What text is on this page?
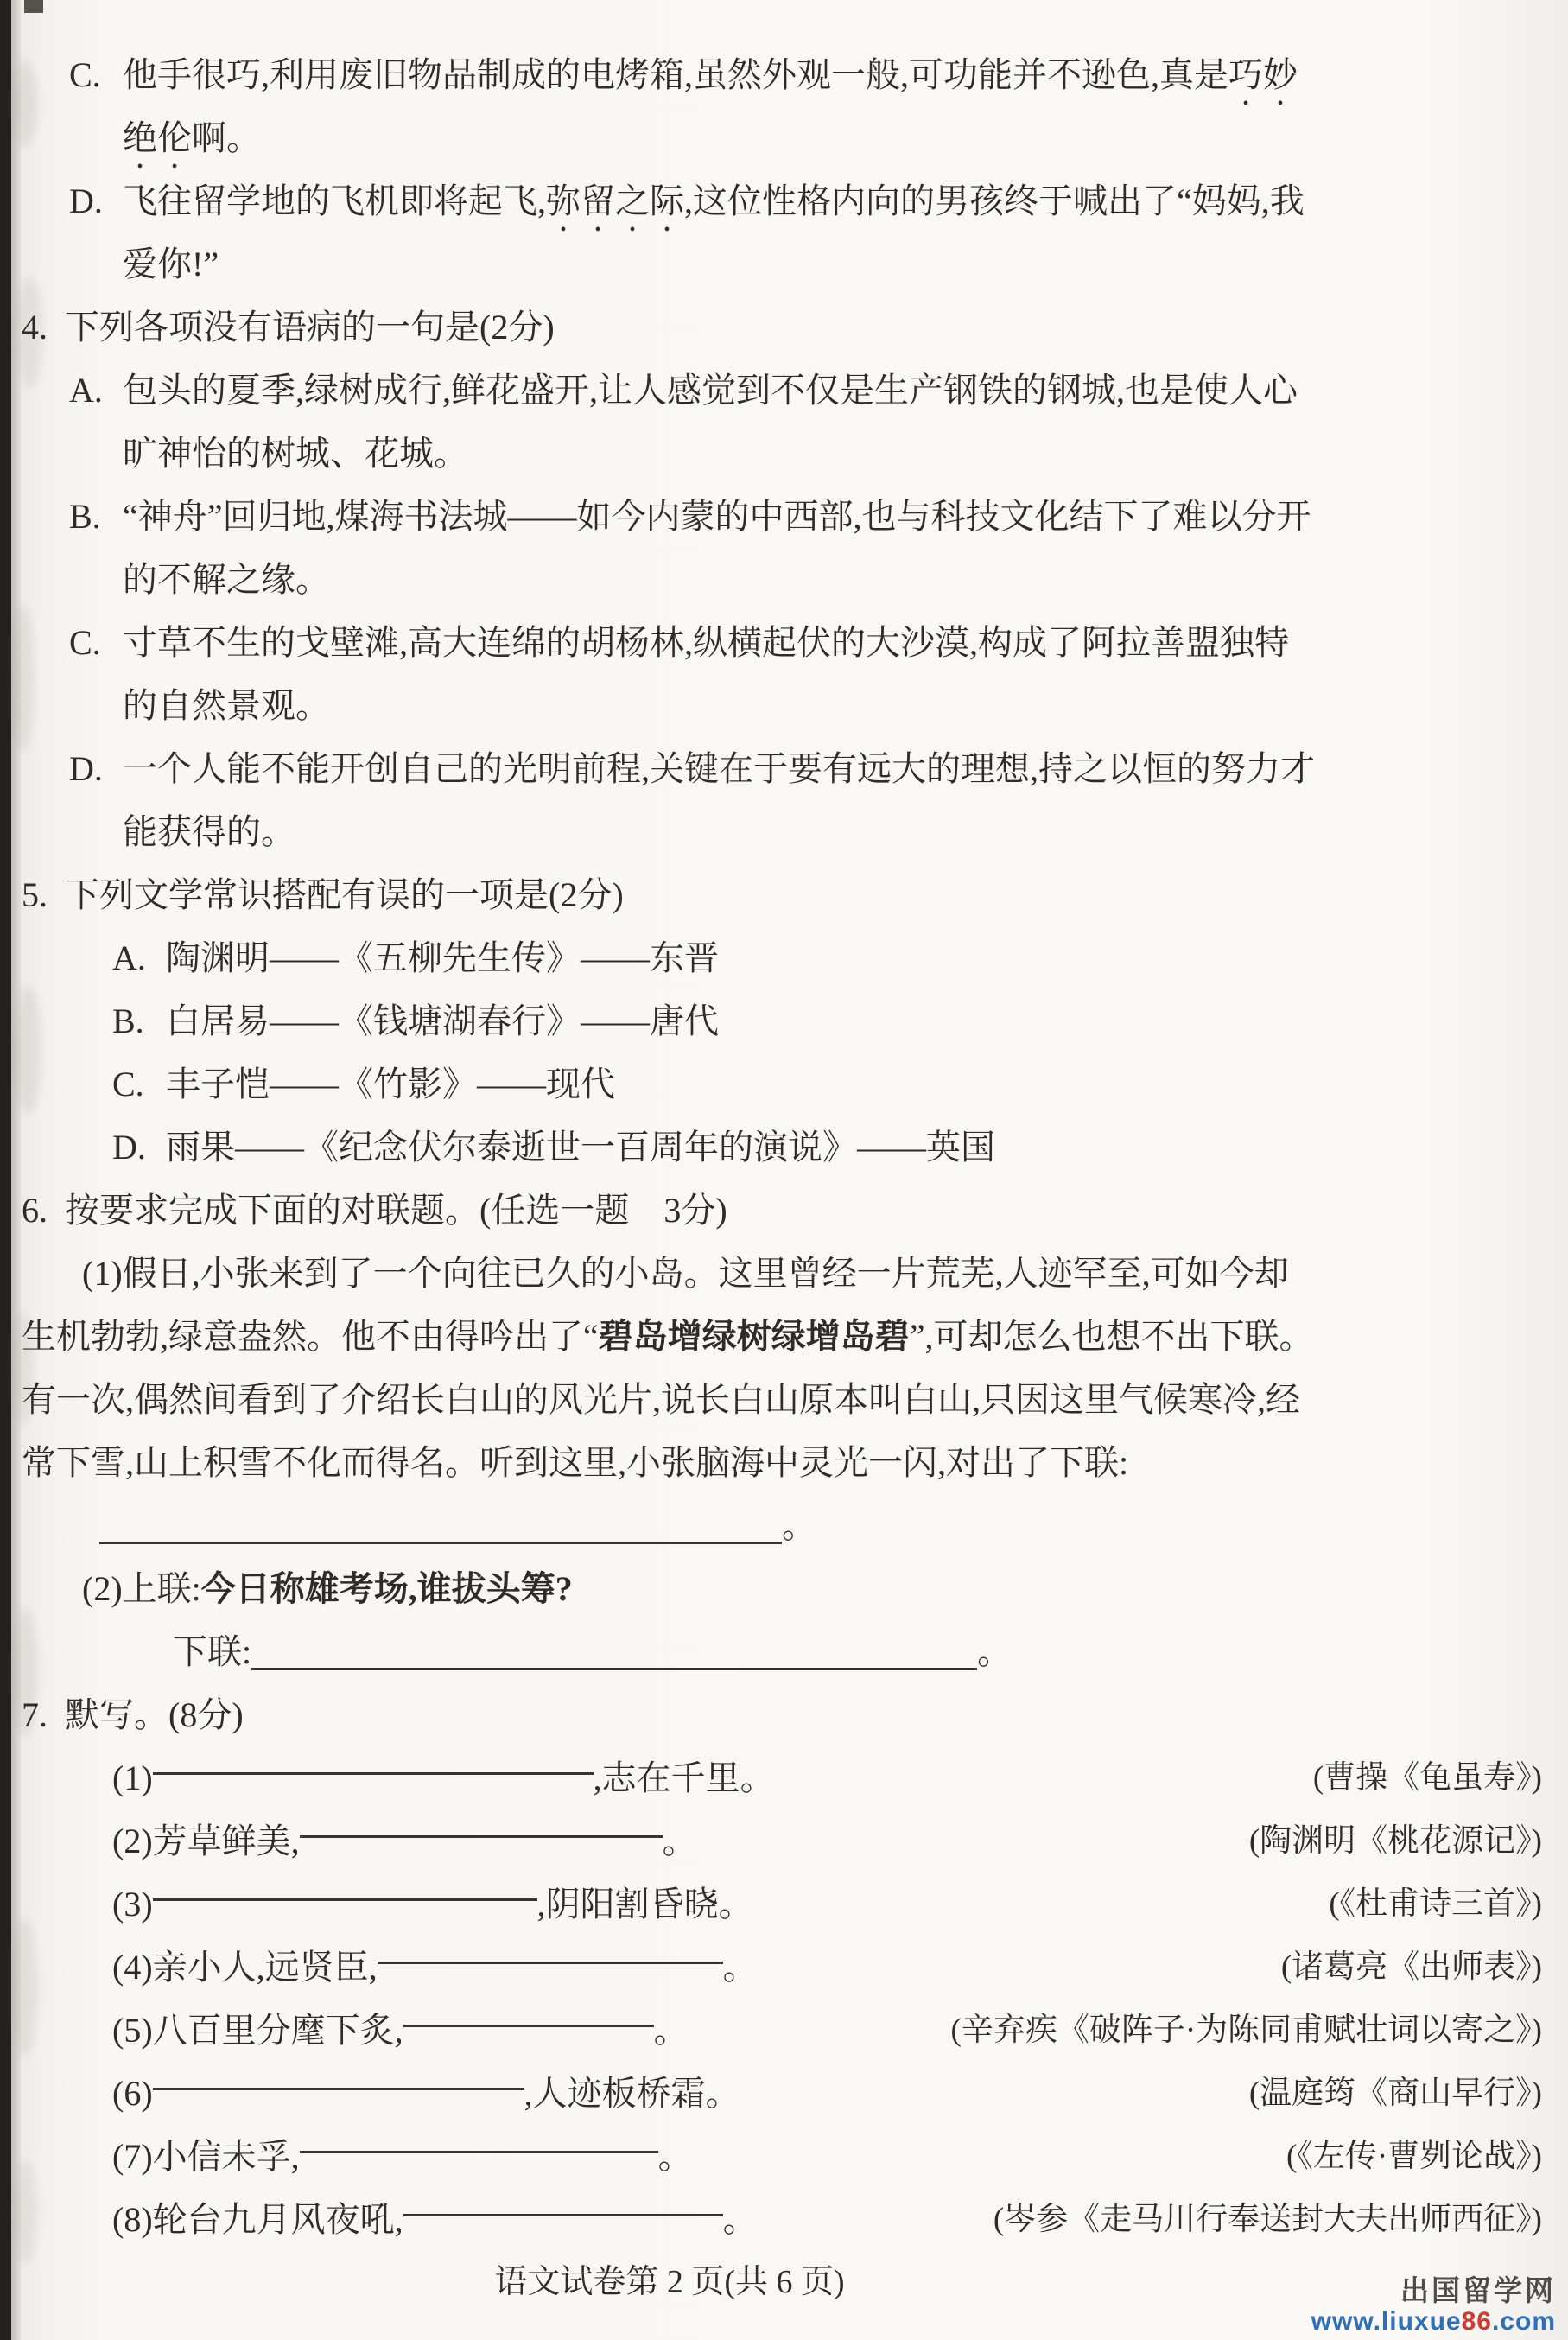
C. 他手很巧,利用废旧物品制成的电烤箱,虽然外观一般,可功能并不逊色,真是巧妙
绝伦啊。
D. 飞往留学地的飞机即将起飞,弥留之际,这位性格内向的男孩终于喊出了“妈妈,我
爱你!”
4. 下列各项没有语病的一句是(2分)
A. 包头的夏季,绿树成行,鲜花盛开,让人感觉到不仅是生产钢铁的钢城,也是使人心
旷神怡的树城、花城。
B. “神舟”回归地,煤海书法城——如今内蒙的中西部,也与科技文化结下了难以分开
的不解之缘。
C. 寸草不生的戈壁滩,高大连绵的胡杨林,纵横起伏的大沙漠,构成了阿拉善盟独特
的自然景观。
D. 一个人能不能开创自己的光明前程,关键在于要有远大的理想,持之以恒的努力才
能获得的。
5. 下列文学常识搭配有误的一项是(2分)
A. 陶渊明——《五柳先生传》——东晋
B. 白居易——《钱塘湖春行》——唐代
C. 丰子恺——《竹影》——现代
D. 雨果——《纪念伏尔泰逝世一百周年的演说》——英国
6. 按要求完成下面的对联题。(任选一题　3分)
(1)假日,小张来到了一个向往已久的小岛。这里曾经一片荒芜,人迹罕至,可如今却
生机勃勃,绿意盎然。他不由得吟出了“碧岛增绿树绿增岛碧”,可却怎么也想不出下联。
有一次,偶然间看到了介绍长白山的风光片,说长白山原本叫白山,只因这里气候寒冷,经
常下雪,山上积雪不化而得名。听到这里,小张脑海中灵光一闪,对出了下联:
。
(2)上联:今日称雄考场,谁拔头筹?
下联:	。
7. 默写。(8分)
(1)	,志在千里。	(曹操《龟虽寿》)
(2) 芳草鲜美,	。	(陶渊明《桃花源记》)
(3)	,阴阳割昏晓。	(《杜甫诗三首》)
(4) 亲小人,远贤臣,	。	(诸葛亮《出师表》)
(5) 八百里分麾下炙,	。	(辛弃疾《破阵子·为陈同甫赋壮词以寄之》)
(6)	,人迹板桥霜。	(温庭筠《商山早行》)
(7) 小信未孚,	。	(《左传·曹刿论战》)
(8) 轮台九月风夜吼,	。	(岑参《走马川行奉送封大夫出师西征》)
语文试卷第 2 页(共 6 页)	出国留学网
www.liuxue86.com
